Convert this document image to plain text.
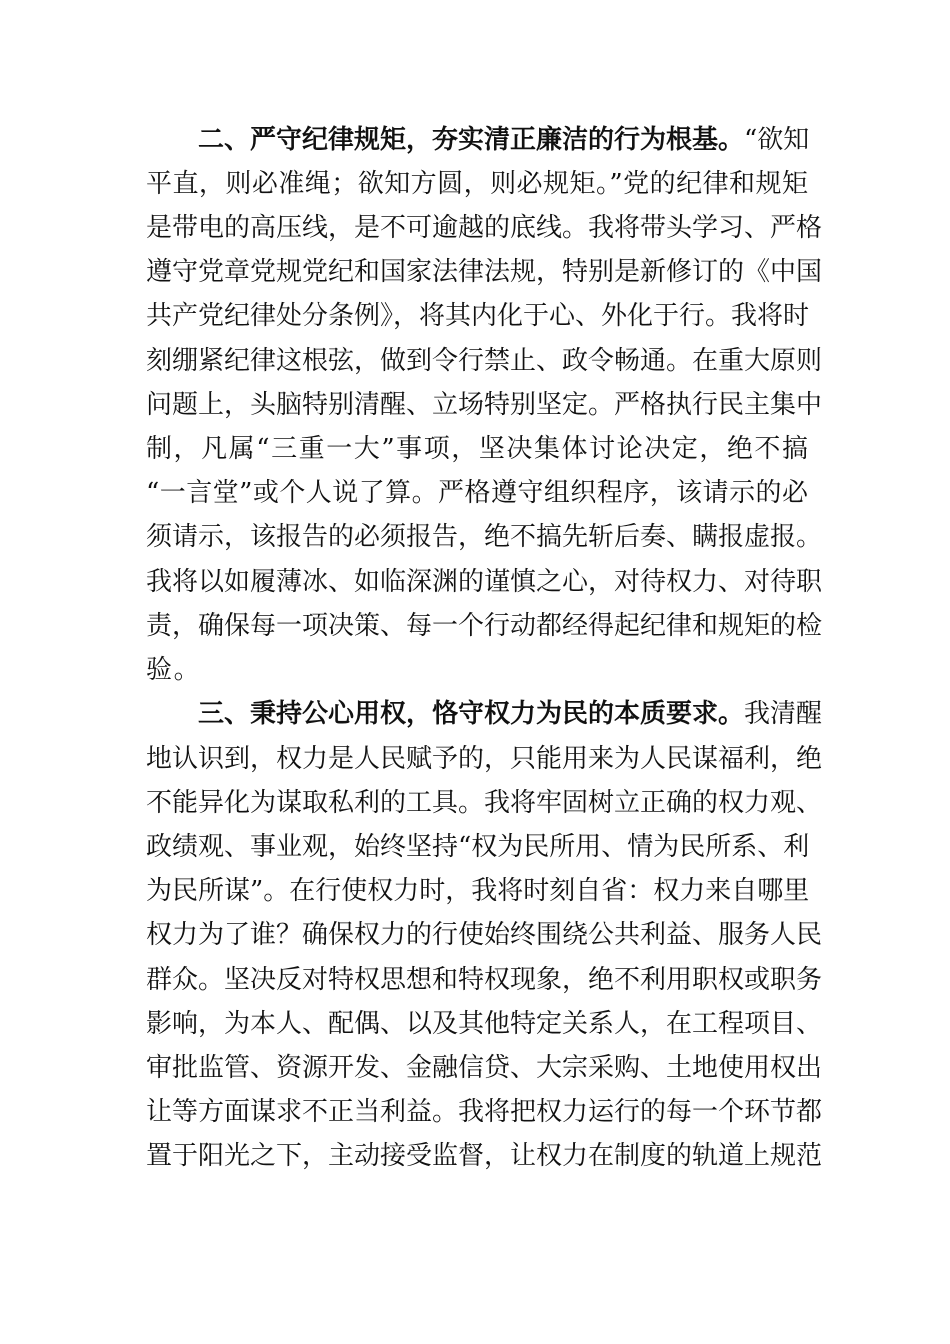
二、严守纪律规矩，夯实清正廉洁的行为根基。“欲知
平直，则必准绳；欲知方圆，则必规矩。”党的纪律和规矩
是带电的高压线，是不可逾越的底线。我将带头学习、严格
遵守党章党规党纪和国家法律法规，特别是新修订的《中国
共产党纪律处分条例》，将其内化于心、外化于行。我将时
刻绷紧纪律这根弦，做到令行禁止、政令畅通。在重大原则
问题上，头脑特别清醒、立场特别坚定。严格执行民主集中
制，凡属“三重一大”事项，坚决集体讨论决定，绝不搞
“一言堂”或个人说了算。严格遵守组织程序，该请示的必
须请示，该报告的必须报告，绝不搞先斩后奏、瞒报虚报。
我将以如履薄冰、如临深渊的谨慎之心，对待权力、对待职
责，确保每一项决策、每一个行动都经得起纪律和规矩的检
验。
三、秉持公心用权，恪守权力为民的本质要求。我清醒
地认识到，权力是人民赋予的，只能用来为人民谋福利，绝
不能异化为谋取私利的工具。我将牢固树立正确的权力观、
政绩观、事业观，始终坚持“权为民所用、情为民所系、利
为民所谋”。在行使权力时，我将时刻自省：权力来自哪里
权力为了谁？确保权力的行使始终围绕公共利益、服务人民
群众。坚决反对特权思想和特权现象，绝不利用职权或职务
影响，为本人、配偶、以及其他特定关系人，在工程项目、
审批监管、资源开发、金融信贷、大宗采购、土地使用权出
让等方面谋求不正当利益。我将把权力运行的每一个环节都
置于阳光之下，主动接受监督，让权力在制度的轨道上规范
